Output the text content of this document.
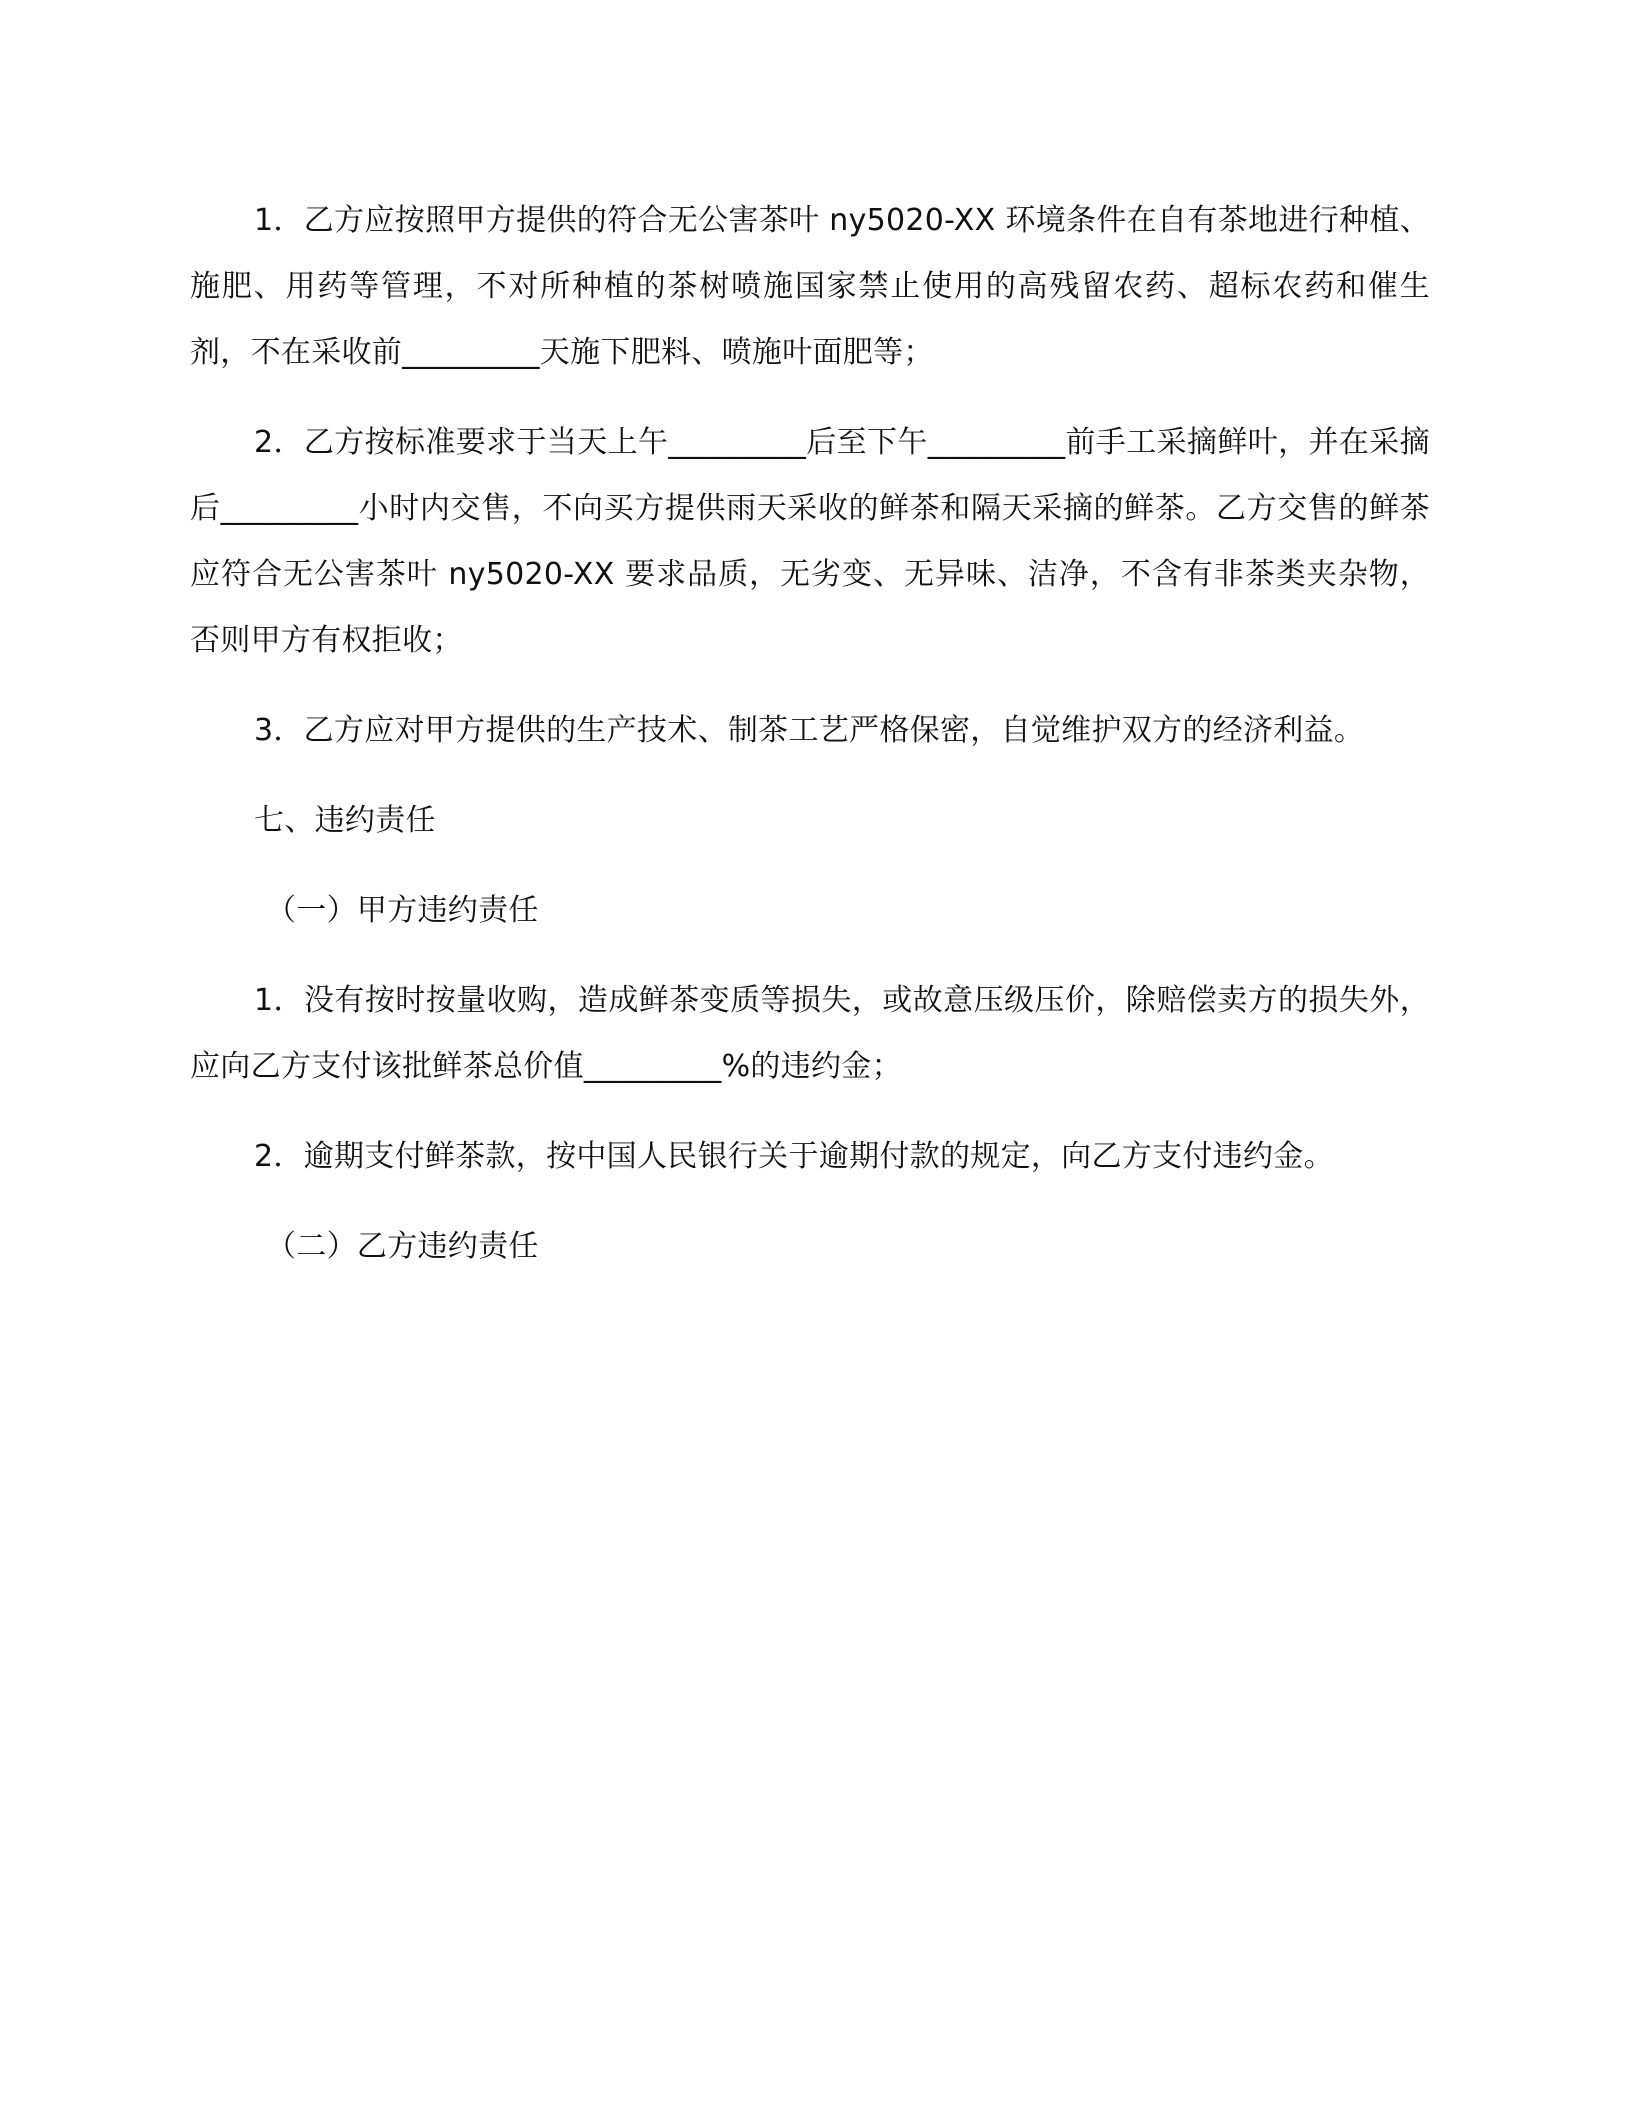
1．乙方应按照甲方提供的符合无公害茶叶 ny5020-XX 环境条件在自有茶地进行种植、施肥、用药等管理，不对所种植的茶树喷施国家禁止使用的高残留农药、超标农药和催生剂，不在采收前_________天施下肥料、喷施叶面肥等；

2．乙方按标准要求于当天上午_________后至下午_________前手工采摘鲜叶，并在采摘后_________小时内交售，不向买方提供雨天采收的鲜茶和隔天采摘的鲜茶。乙方交售的鲜茶应符合无公害茶叶 ny5020-XX 要求品质，无劣变、无异味、洁净，不含有非茶类夹杂物，否则甲方有权拒收；

3．乙方应对甲方提供的生产技术、制茶工艺严格保密，自觉维护双方的经济利益。

七、违约责任
（一）甲方违约责任

1．没有按时按量收购，造成鲜茶变质等损失，或故意压级压价，除赔偿卖方的损失外，应向乙方支付该批鲜茶总价值_________%的违约金；

2．逾期支付鲜茶款，按中国人民银行关于逾期付款的规定，向乙方支付违约金。

（二）乙方违约责任
